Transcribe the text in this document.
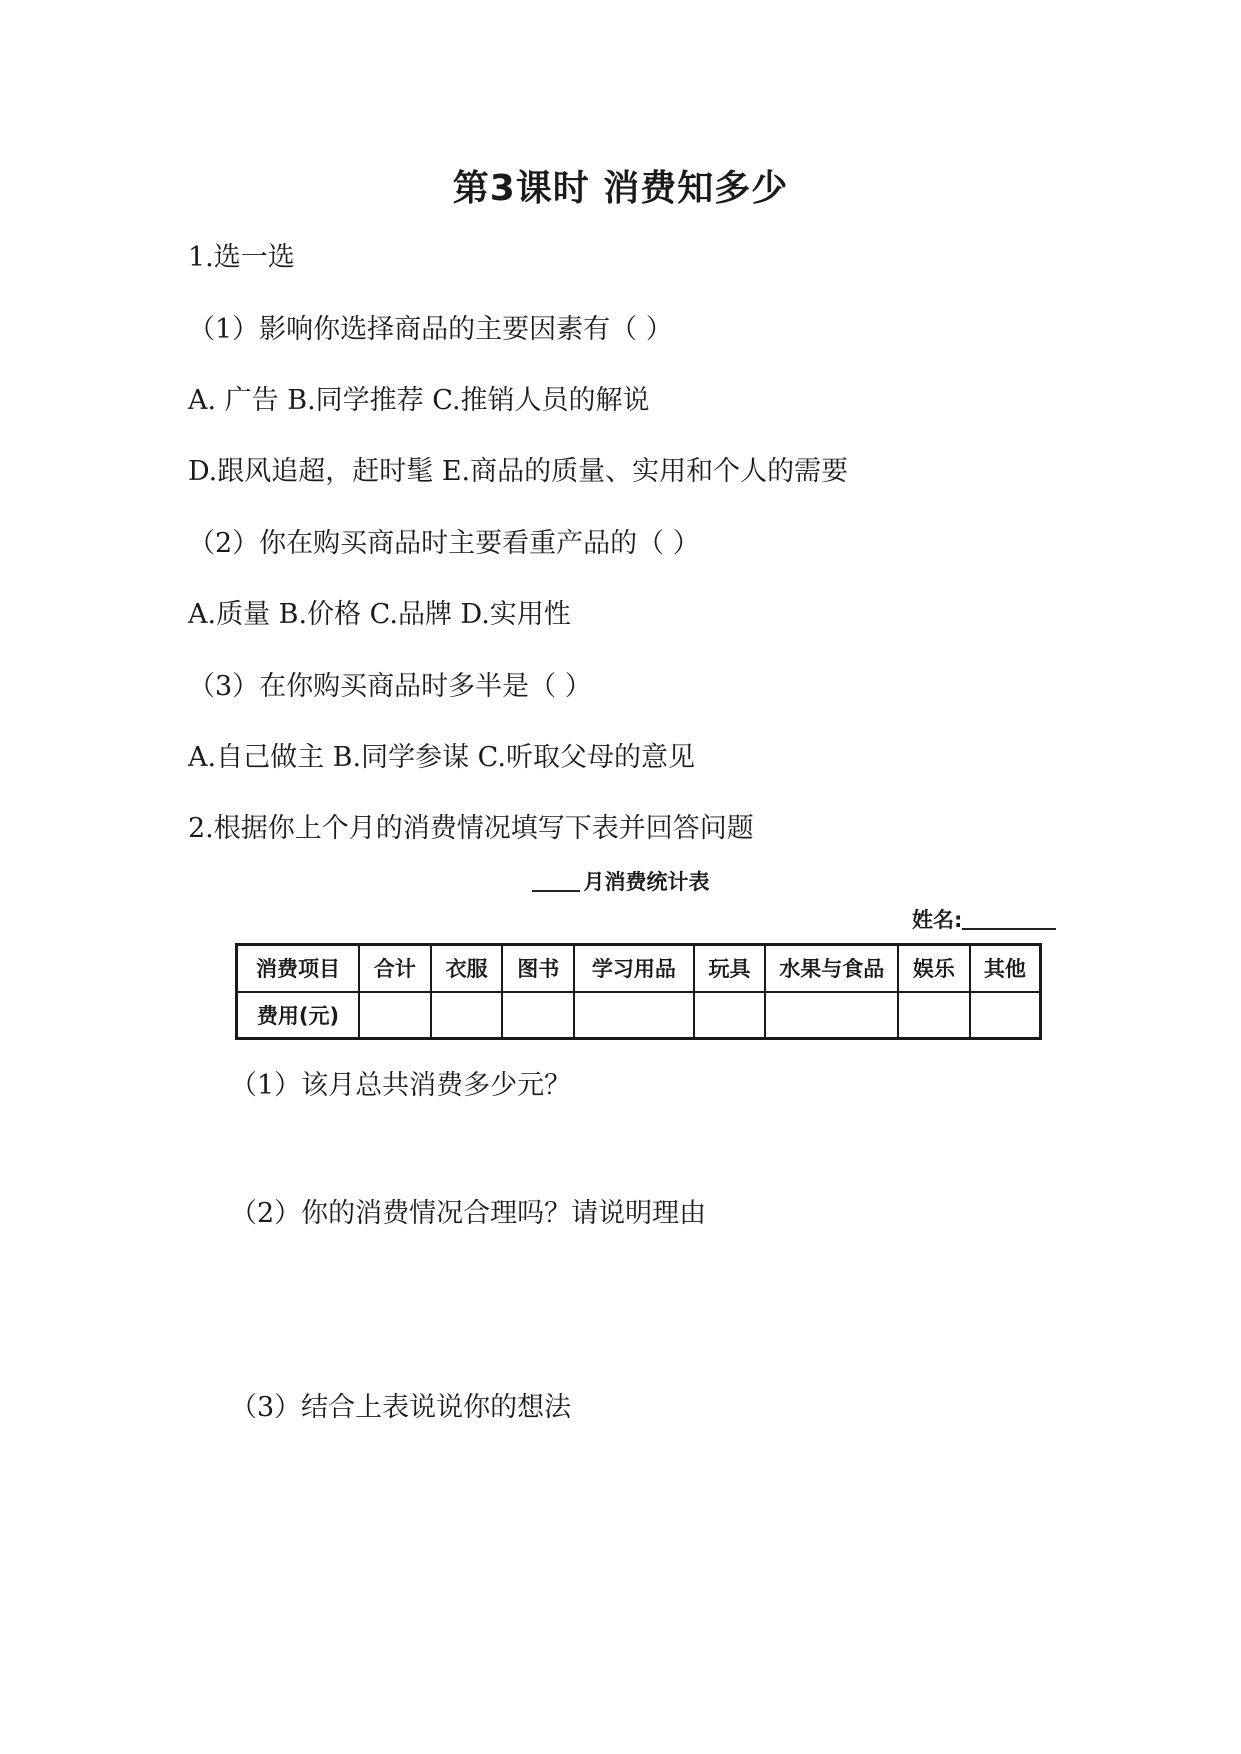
第3课时 消费知多少
1.选一选
（1）影响你选择商品的主要因素有（ ）
A. 广告 B.同学推荐 C.推销人员的解说
D.跟风追超，赶时髦 E.商品的质量、实用和个人的需要
（2）你在购买商品时主要看重产品的（ ）
A.质量 B.价格 C.品牌 D.实用性
（3）在你购买商品时多半是（ ）
A.自己做主 B.同学参谋 C.听取父母的意见
2.根据你上个月的消费情况填写下表并回答问题
月消费统计表
姓名:
消费项目	合计	衣服	图书	学习用品	玩具	水果与食品	娱乐	其他
费用(元)								
（1）该月总共消费多少元？
（2）你的消费情况合理吗？请说明理由
（3）结合上表说说你的想法
